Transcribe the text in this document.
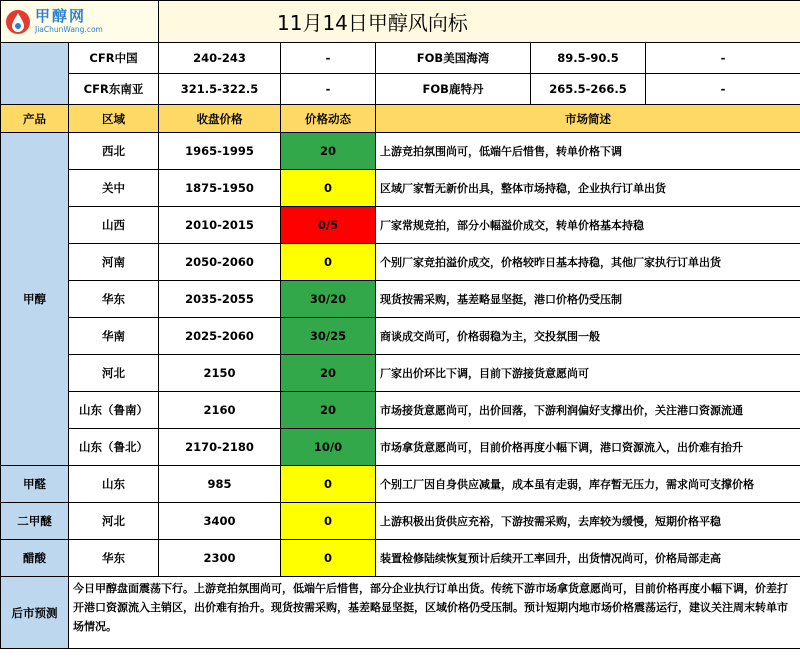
甲醇网
JiaChunWang.com		11月14日甲醇风向标				
	CFR中国	240-243	-	FOB美国海湾	89.5-90.5	-
	CFR东南亚	321.5-322.5	-	FOB鹿特丹	265.5-266.5	-
产品	区域	收盘价格	价格动态	市场简述		
甲醇	西北	1965-1995	20	上游竞拍氛围尚可，低端午后惜售，转单价格下调		
	关中	1875-1950	0	区域厂家暂无新价出具，整体市场持稳，企业执行订单出货		
	山西	2010-2015	0/5	厂家常规竞拍，部分小幅溢价成交，转单价格基本持稳		
	河南	2050-2060	0	个别厂家竞拍溢价成交，价格较昨日基本持稳，其他厂家执行订单出货		
	华东	2035-2055	30/20	现货按需采购，基差略显坚挺，港口价格仍受压制		
	华南	2025-2060	30/25	商谈成交尚可，价格弱稳为主，交投氛围一般		
	河北	2150	20	厂家出价环比下调，目前下游接货意愿尚可		
	山东（鲁南）	2160	20	市场接货意愿尚可，出价回落，下游利润偏好支撑出价，关注港口资源流通		
	山东（鲁北）	2170-2180	10/0	市场拿货意愿尚可，目前价格再度小幅下调，港口资源流入，出价难有抬升		
甲醛	山东	985	0	个别工厂因自身供应减量，成本虽有走弱，库存暂无压力，需求尚可支撑价格		
二甲醚	河北	3400	0	上游积极出货供应充裕，下游按需采购，去库较为缓慢，短期价格平稳		
醋酸	华东	2300	0	装置检修陆续恢复预计后续开工率回升，出货情况尚可，价格局部走高		
后市预测	今日甲醇盘面震荡下行。上游竞拍氛围尚可，低端午后惜售，部分企业执行订单出货。传统下游市场拿货意愿尚可，目前价格再度小幅下调，价差打开港口资源流入主销区，出价难有抬升。现货按需采购，基差略显坚挺，区域价格仍受压制。预计短期内地市场价格震荡运行，建议关注周末转单市场情况。					
